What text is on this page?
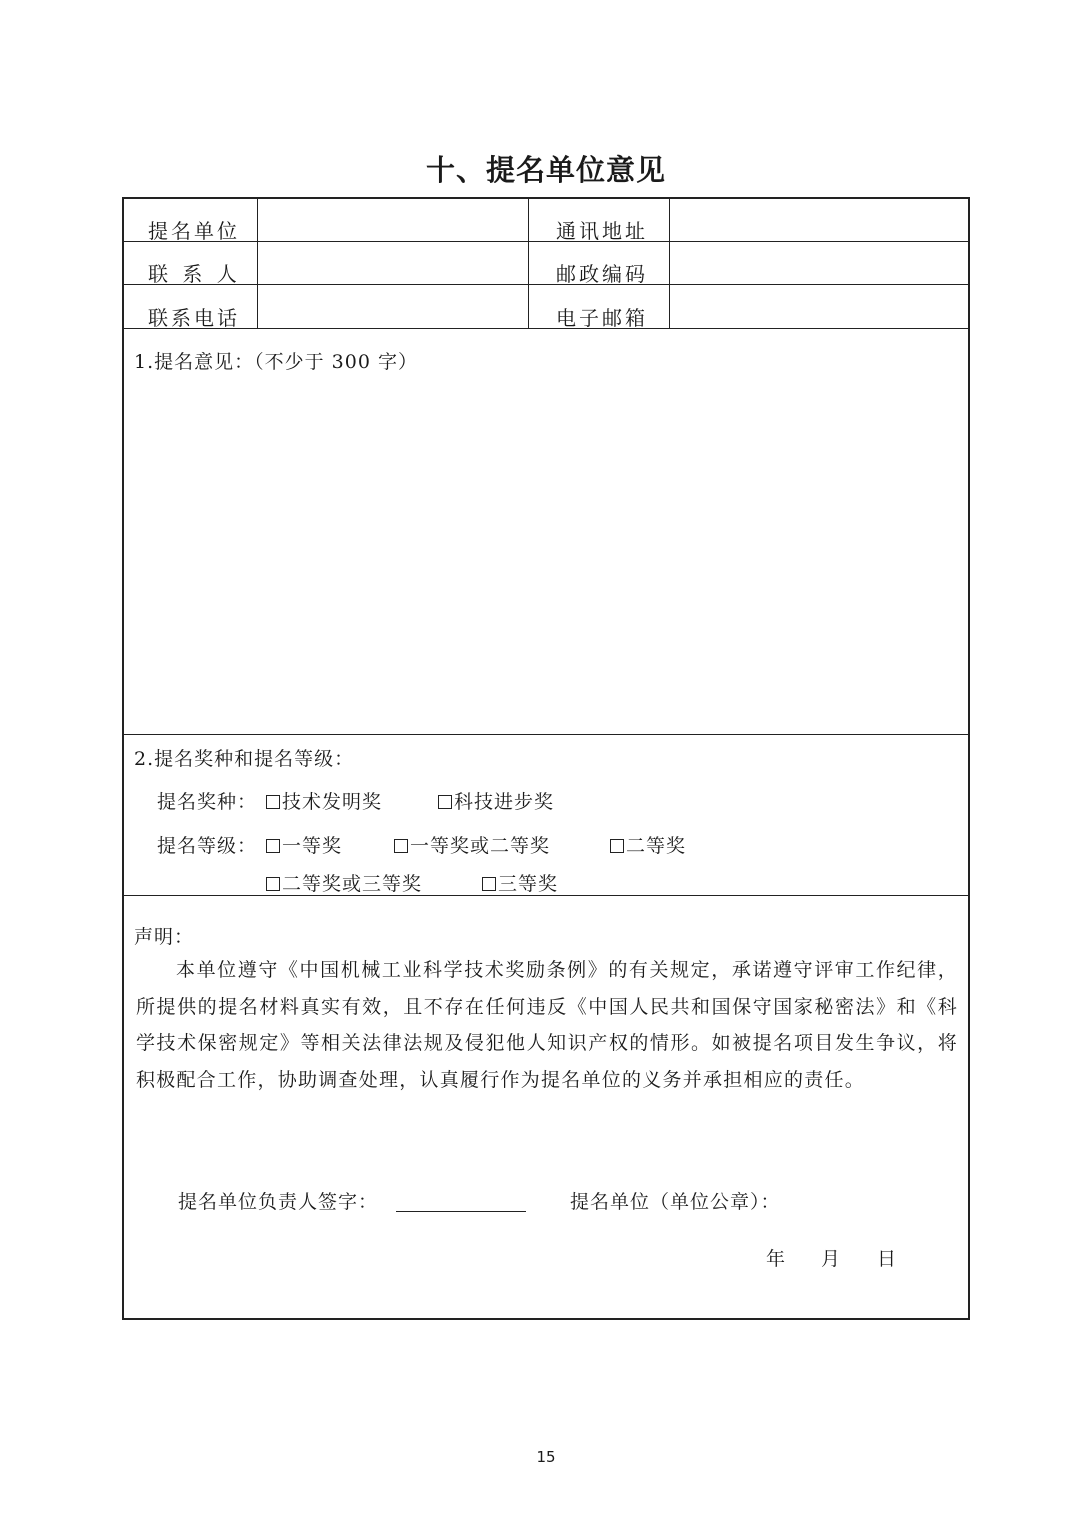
十、提名单位意见
提名单位	通讯地址
联 系 人	邮政编码
联系电话	电子邮箱
1.提名意见：（不少于 300 字）
2.提名奖种和提名等级：
提名奖种：	技术发明奖	科技进步奖
提名等级：	一等奖	一等奖或二等奖	二等奖
二等奖或三等奖	三等奖
声明：
本单位遵守《中国机械工业科学技术奖励条例》的有关规定，承诺遵守评审工作纪律，所提供的提名材料真实有效，且不存在任何违反《中国人民共和国保守国家秘密法》和《科学技术保密规定》等相关法律法规及侵犯他人知识产权的情形。如被提名项目发生争议，将积极配合工作，协助调查处理，认真履行作为提名单位的义务并承担相应的责任。
提名单位负责人签字：	提名单位（单位公章）：
年 月 日
15
